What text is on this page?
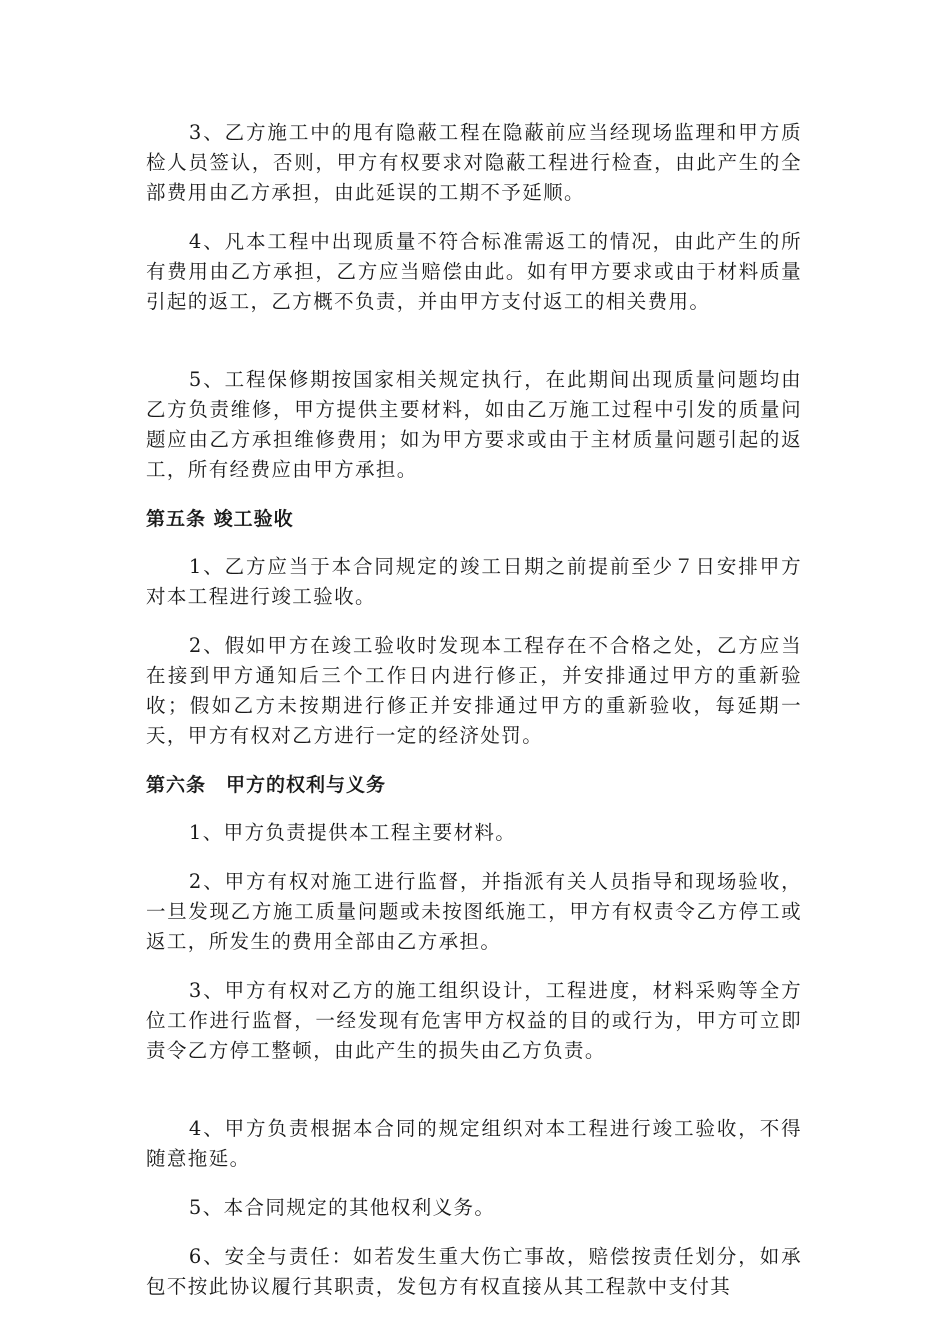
3、乙方施工中的甩有隐蔽工程在隐蔽前应当经现场监理和甲方质检人员签认，否则，甲方有权要求对隐蔽工程进行检查，由此产生的全部费用由乙方承担，由此延误的工期不予延顺。

4、凡本工程中出现质量不符合标准需返工的情况，由此产生的所有费用由乙方承担，乙方应当赔偿由此。如有甲方要求或由于材料质量引起的返工，乙方概不负责，并由甲方支付返工的相关费用。

5、工程保修期按国家相关规定执行，在此期间出现质量问题均由乙方负责维修，甲方提供主要材料，如由乙万施工过程中引发的质量问题应由乙方承担维修费用；如为甲方要求或由于主材质量问题引起的返工，所有经费应由甲方承担。

第五条 竣工验收

1、乙方应当于本合同规定的竣工日期之前提前至少７日安排甲方对本工程进行竣工验收。

2、假如甲方在竣工验收时发现本工程存在不合格之处，乙方应当在接到甲方通知后三个工作日内进行修正，并安排通过甲方的重新验收；假如乙方未按期进行修正并安排通过甲方的重新验收，每延期一天，甲方有权对乙方进行一定的经济处罚。

第六条　甲方的权利与义务

1、甲方负责提供本工程主要材料。

2、甲方有权对施工进行监督，并指派有关人员指导和现场验收，一旦发现乙方施工质量问题或未按图纸施工，甲方有权责令乙方停工或返工，所发生的费用全部由乙方承担。

3、甲方有权对乙方的施工组织设计，工程进度，材料采购等全方位工作进行监督，一经发现有危害甲方权益的目的或行为，甲方可立即责令乙方停工整顿，由此产生的损失由乙方负责。

4、甲方负责根据本合同的规定组织对本工程进行竣工验收，不得随意拖延。

5、本合同规定的其他权利义务。

6、安全与责任：如若发生重大伤亡事故，赔偿按责任划分，如承包不按此协议履行其职责，发包方有权直接从其工程款中支付其
